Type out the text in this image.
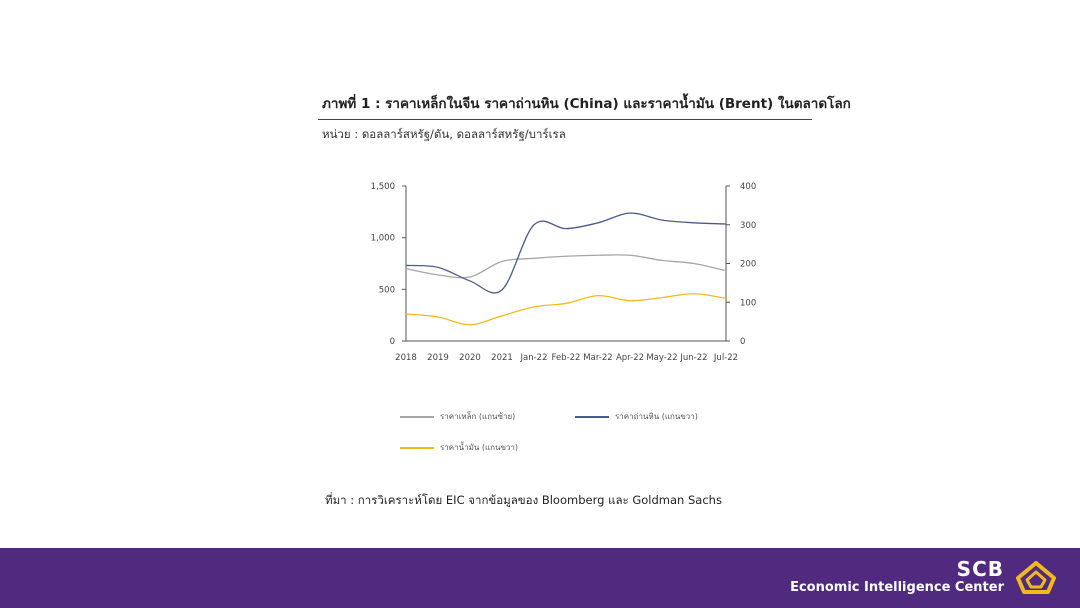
ภาพที่ 1 : ราคาเหล็กในจีน ราคาถ่านหิน (China) และราคาน้ำมัน (Brent) ในตลาดโลก
หน่วย : ดอลลาร์สหรัฐ/ตัน, ดอลลาร์สหรัฐ/บาร์เรล
0
500
1,000
1,500
0
100
200
300
400
2018 2019 2020 2021 Jan-22 Feb-22 Mar-22 Apr-22 May-22 Jun-22 Jul-22
ราคาเหล็ก (แกนซ้าย)	ราคาถ่านหิน (แกนขวา)
ราคาน้ำมัน (แกนขวา)
ที่มา : การวิเคราะห์โดย EIC จากข้อมูลของ Bloomberg และ Goldman Sachs
SCB
Economic Intelligence Center
